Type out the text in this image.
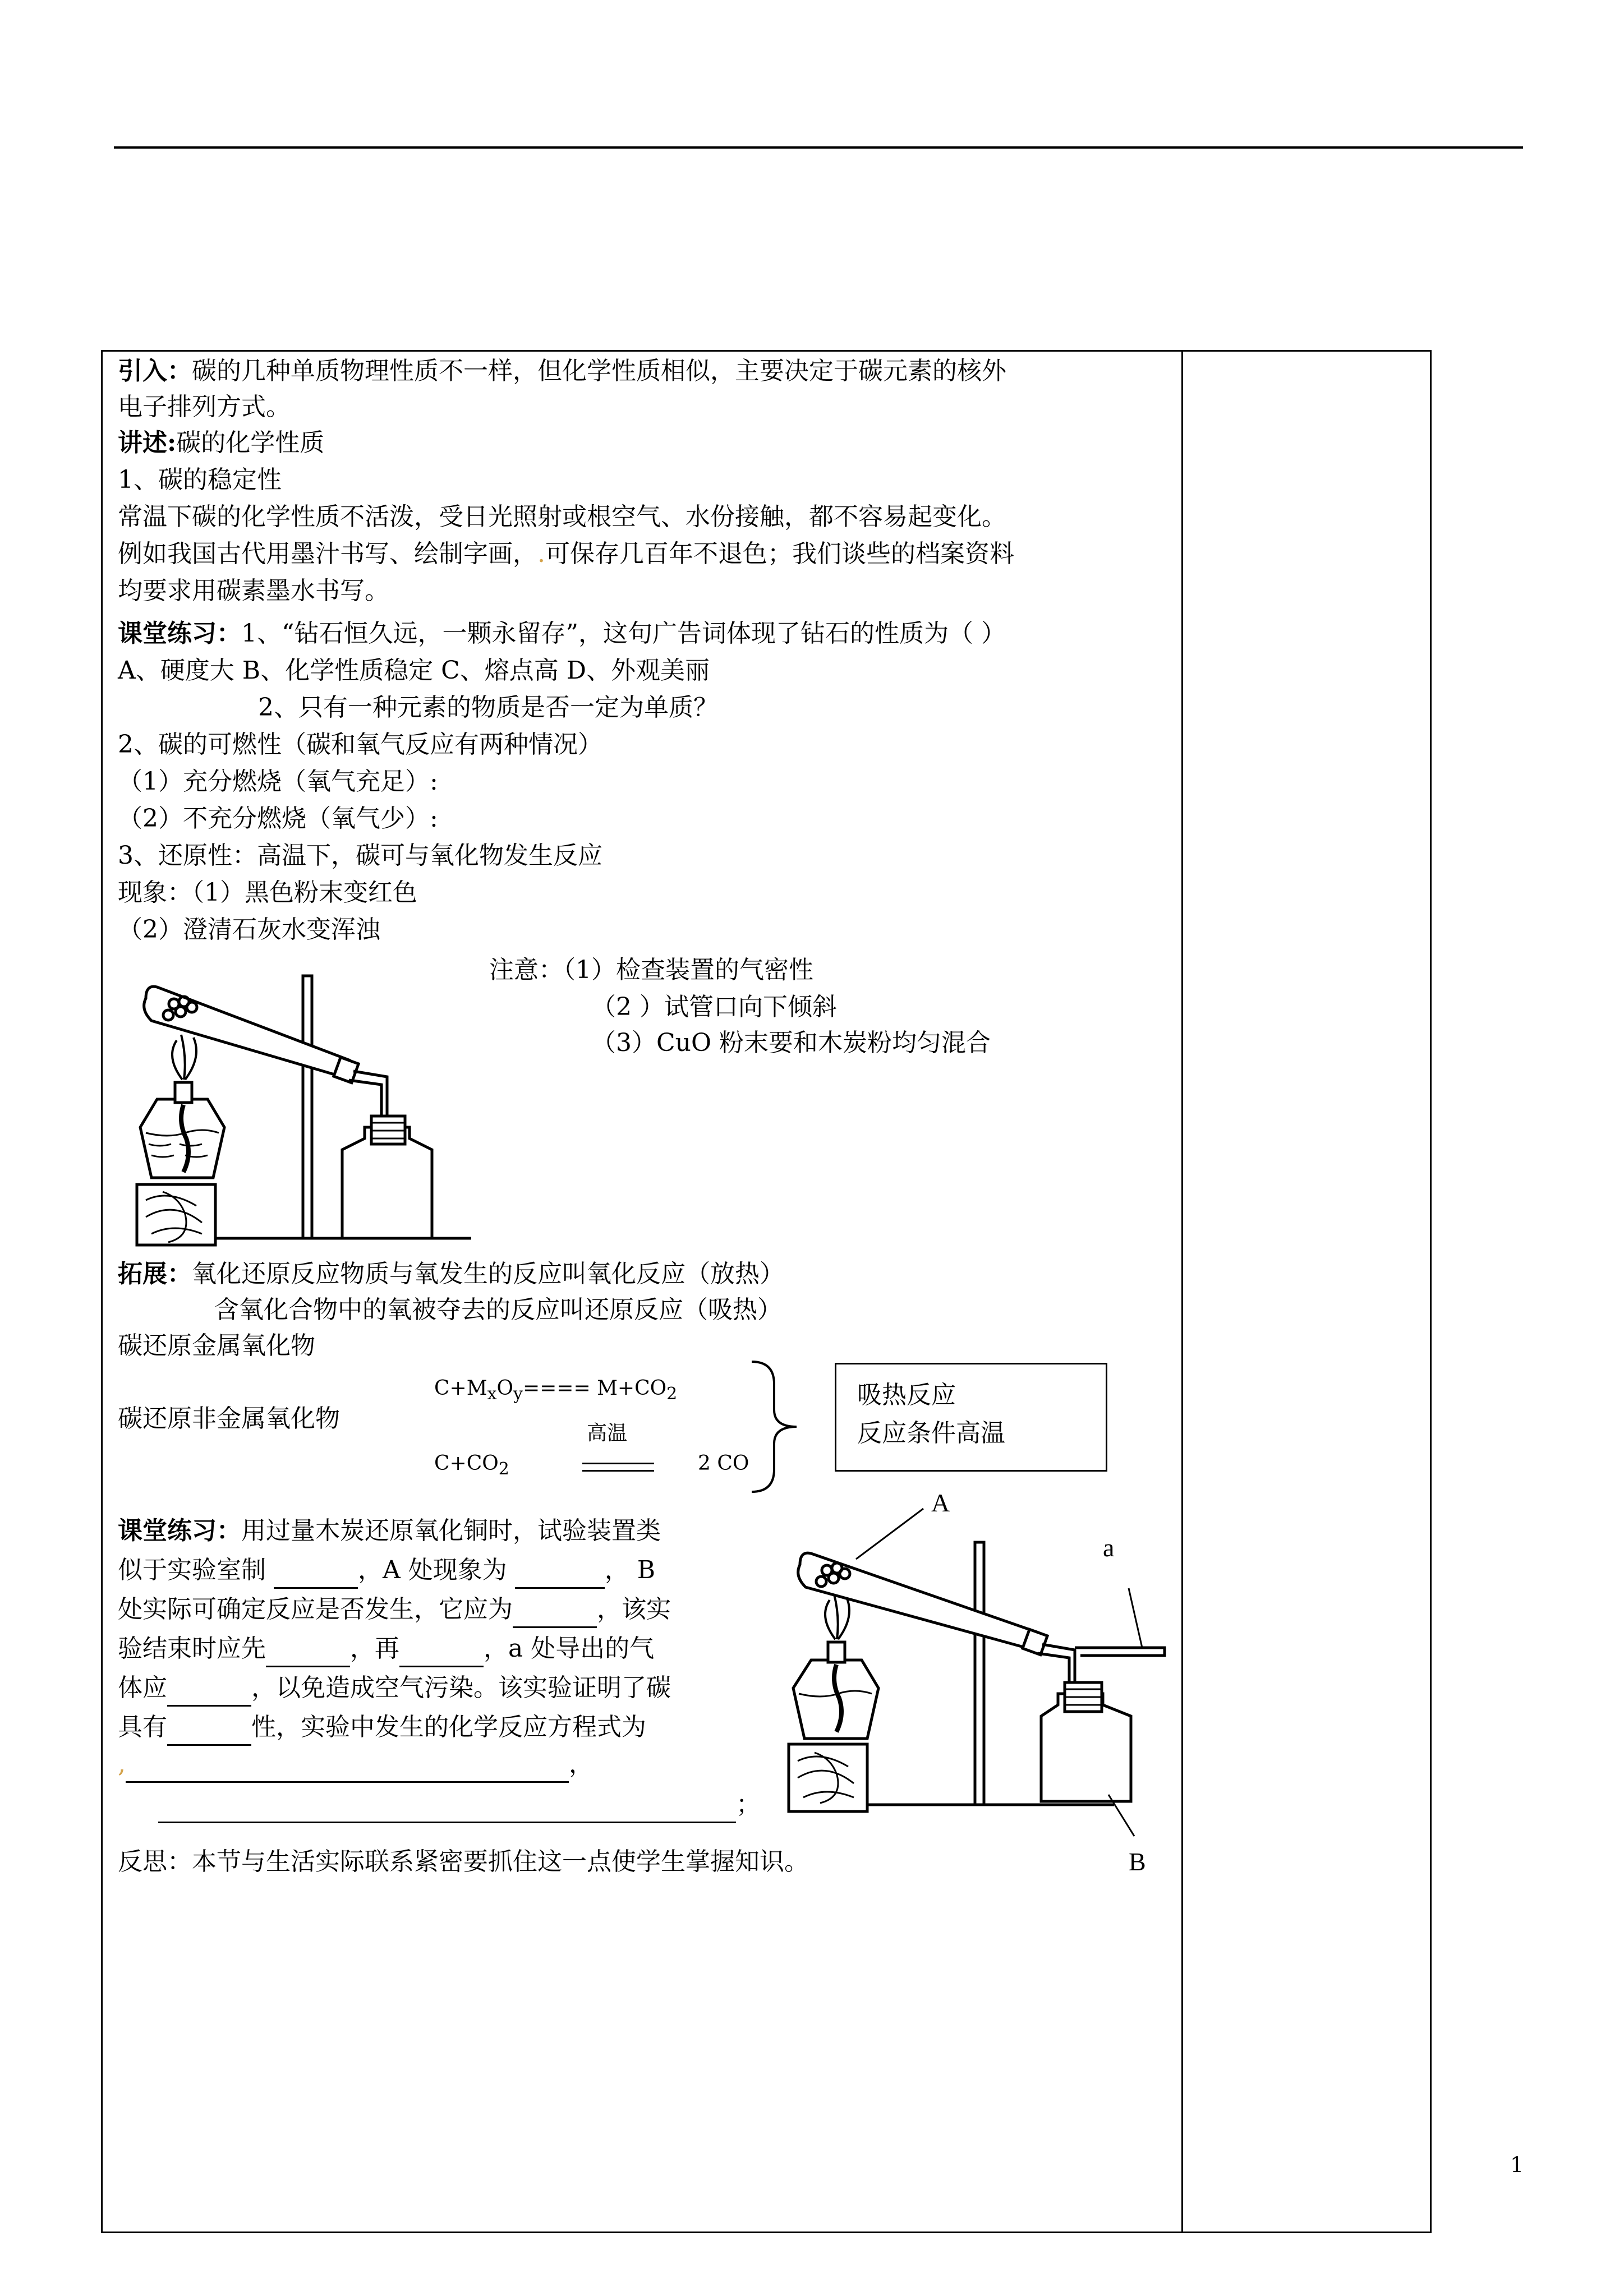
引入：碳的几种单质物理性质不一样，但化学性质相似，主要决定于碳元素的核外
电子排列方式。
讲述:碳的化学性质
1、碳的稳定性
常温下碳的化学性质不活泼，受日光照射或根空气、水份接触，都不容易起变化。
例如我国古代用墨汁书写、绘制字画，.可保存几百年不退色；我们谈些的档案资料
均要求用碳素墨水书写。
课堂练习：1、“钻石恒久远，一颗永留存”，这句广告词体现了钻石的性质为（ ）
A、硬度大 B、化学性质稳定 C、熔点高 D、外观美丽
2、只有一种元素的物质是否一定为单质？
2、碳的可燃性（碳和氧气反应有两种情况）
（1）充分燃烧（氧气充足）:
（2）不充分燃烧（氧气少）:
3、还原性：高温下，碳可与氧化物发生反应
现象：（1）黑色粉末变红色
（2）澄清石灰水变浑浊
注意：（1）检查装置的气密性
（2 ）试管口向下倾斜
（3）CuO 粉末要和木炭粉均匀混合
拓展：氧化还原反应物质与氧发生的反应叫氧化反应（放热）
含氧化合物中的氧被夺去的反应叫还原反应（吸热）
碳还原金属氧化物
碳还原非金属氧化物
$C+M_xO_y==== M+CO_2$
高温
$C+CO_2$	2 CO
吸热反应
反应条件高温
课堂练习：用过量木炭还原氧化铜时，试验装置类
似于实验室制	，A 处现象为	， B
处实际可确定反应是否发生，它应为	，该实
验结束时应先	，再	，a 处导出的气
体应	，以免造成空气污染。该实验证明了碳
具有	性，实验中发生的化学反应方程式为
,	，
；
A
a
B
反思：本节与生活实际联系紧密要抓住这一点使学生掌握知识。
1
